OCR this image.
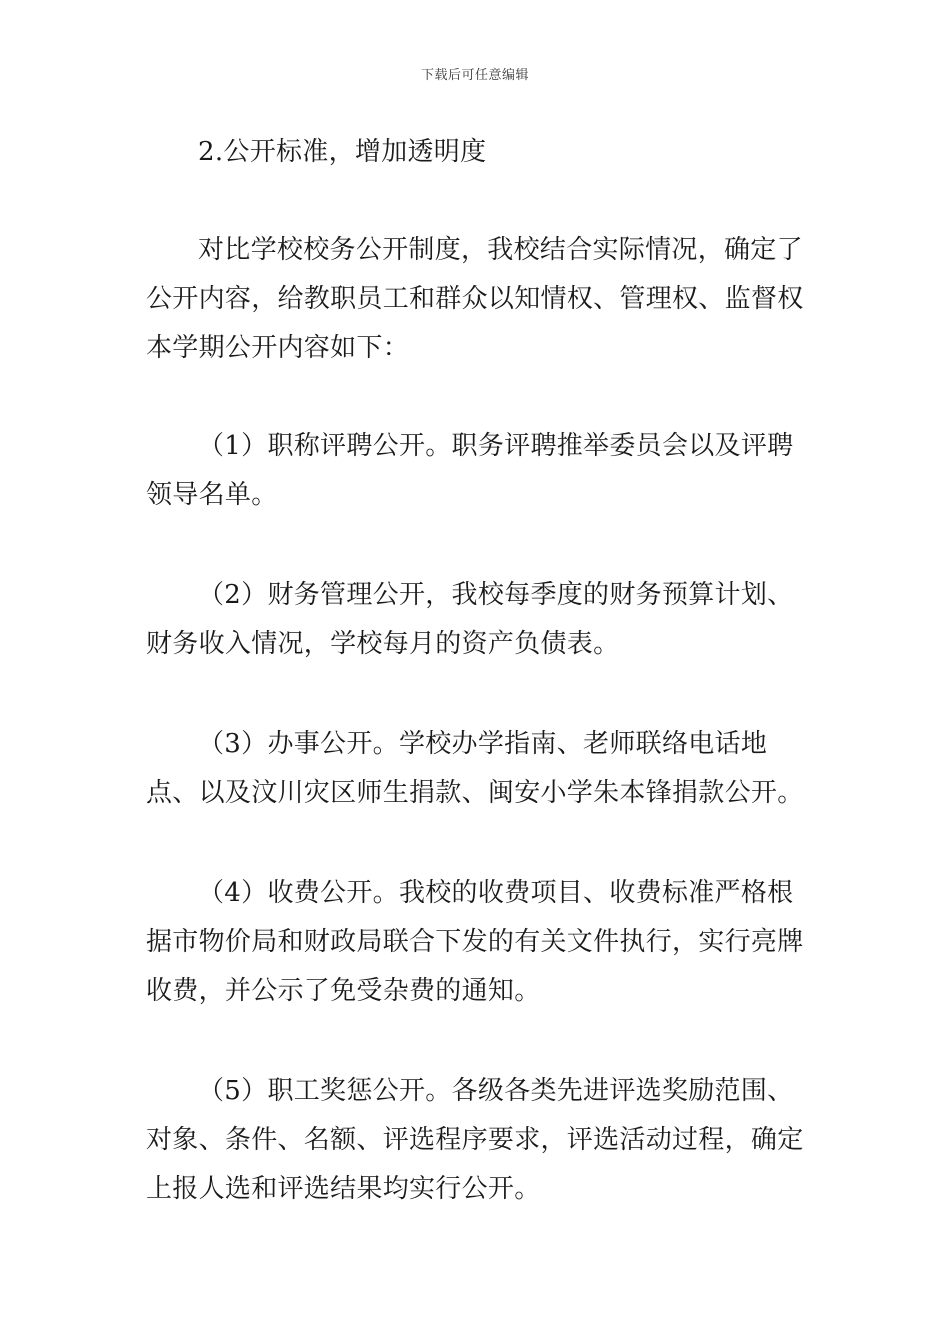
下载后可任意编辑

2.公开标准，增加透明度

对比学校校务公开制度，我校结合实际情况，确定了公开内容，给教职员工和群众以知情权、管理权、监督权本学期公开内容如下：

（1）职称评聘公开。职务评聘推举委员会以及评聘领导名单。

（2）财务管理公开，我校每季度的财务预算计划、财务收入情况，学校每月的资产负债表。

（3）办事公开。学校办学指南、老师联络电话地点、以及汶川灾区师生捐款、闽安小学朱本锋捐款公开。

（4）收费公开。我校的收费项目、收费标准严格根据市物价局和财政局联合下发的有关文件执行，实行亮牌收费，并公示了免受杂费的通知。

（5）职工奖惩公开。各级各类先进评选奖励范围、对象、条件、名额、评选程序要求，评选活动过程，确定上报人选和评选结果均实行公开。
